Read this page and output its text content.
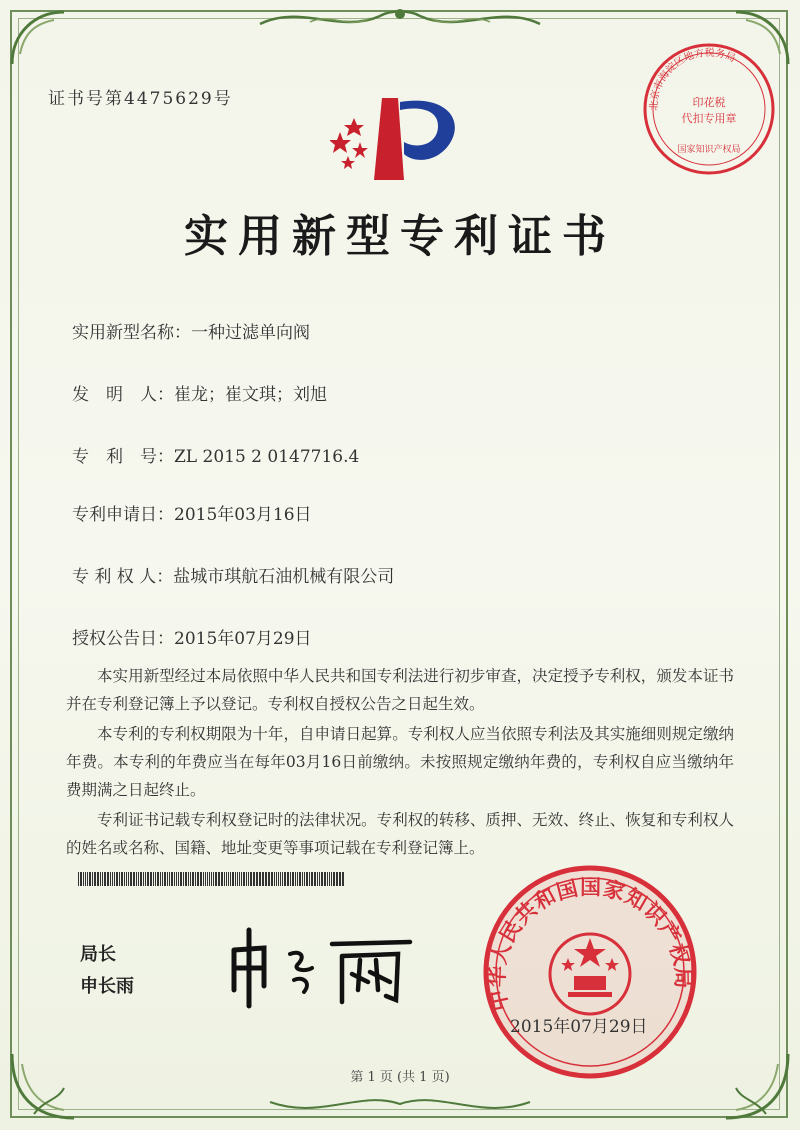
证书号第4475629号	北京市海淀区地方税务局
印花税
代扣专用章
国家知识产权局
实用新型专利证书
实用新型名称：一种过滤单向阀
发　明　人：崔龙；崔文琪；刘旭
专　利　号：ZL 2015 2 0147716.4
专利申请日：2015年03月16日
专 利 权 人：盐城市琪航石油机械有限公司
授权公告日：2015年07月29日

本实用新型经过本局依照中华人民共和国专利法进行初步审查，决定授予专利权，颁发本证书并在专利登记簿上予以登记。专利权自授权公告之日起生效。

本专利的专利权期限为十年，自申请日起算。专利权人应当依照专利法及其实施细则规定缴纳年费。本专利的年费应当在每年03月16日前缴纳。未按照规定缴纳年费的，专利权自应当缴纳年费期满之日起终止。

专利证书记载专利权登记时的法律状况。专利权的转移、质押、无效、终止、恢复和专利权人的姓名或名称、国籍、地址变更等事项记载在专利登记簿上。

局长
申长雨
中华人民共和国国家知识产权局
2015年07月29日
第 1 页 (共 1 页)
